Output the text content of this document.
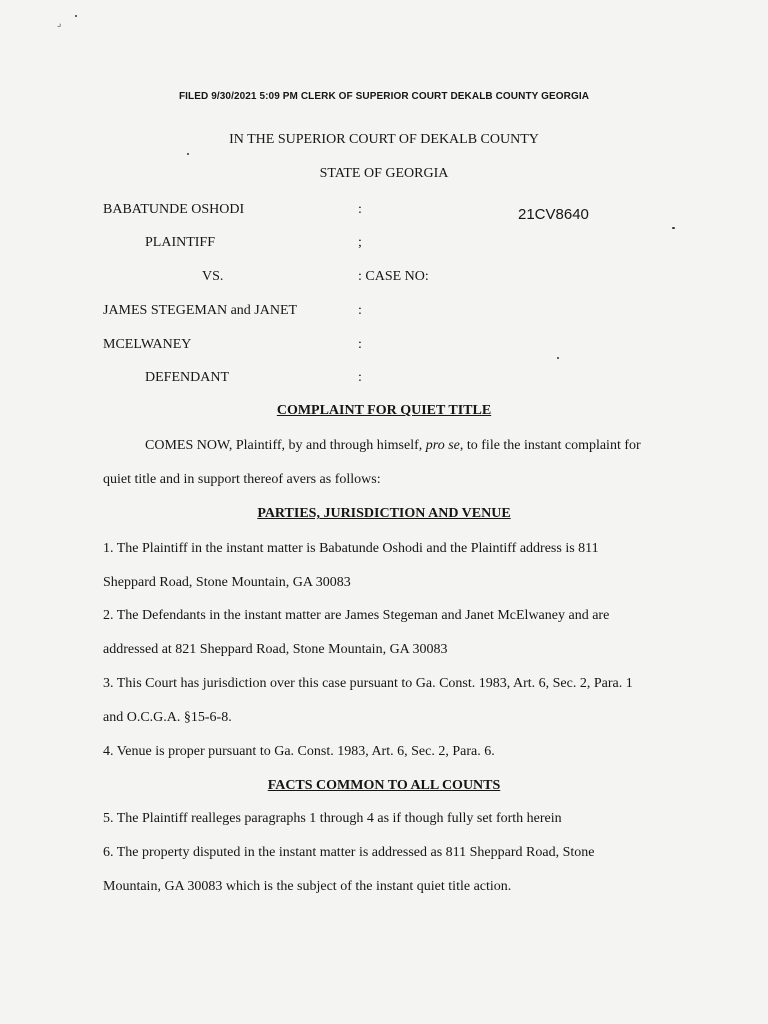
⌟
FILED 9/30/2021 5:09 PM CLERK OF SUPERIOR COURT DEKALB COUNTY GEORGIA
IN THE SUPERIOR COURT OF DEKALB COUNTY
STATE OF GEORGIA
BABATUNDE OSHODI	:	21CV8640
PLAINTIFF	;
VS.	: CASE NO:
JAMES STEGEMAN and JANET	:
MCELWANEY	:
DEFENDANT	:
COMPLAINT FOR QUIET TITLE
COMES NOW, Plaintiff, by and through himself, pro se, to file the instant complaint for
quiet title and in support thereof avers as follows:
PARTIES, JURISDICTION AND VENUE
1. The Plaintiff in the instant matter is Babatunde Oshodi and the Plaintiff address is 811
Sheppard Road, Stone Mountain, GA 30083
2. The Defendants in the instant matter are James Stegeman and Janet McElwaney and are
addressed at 821 Sheppard Road, Stone Mountain, GA 30083
3. This Court has jurisdiction over this case pursuant to Ga. Const. 1983, Art. 6, Sec. 2, Para. 1
and O.C.G.A. §15-6-8.
4. Venue is proper pursuant to Ga. Const. 1983, Art. 6, Sec. 2, Para. 6.
FACTS COMMON TO ALL COUNTS
5. The Plaintiff realleges paragraphs 1 through 4 as if though fully set forth herein
6. The property disputed in the instant matter is addressed as 811 Sheppard Road, Stone
Mountain, GA 30083 which is the subject of the instant quiet title action.
